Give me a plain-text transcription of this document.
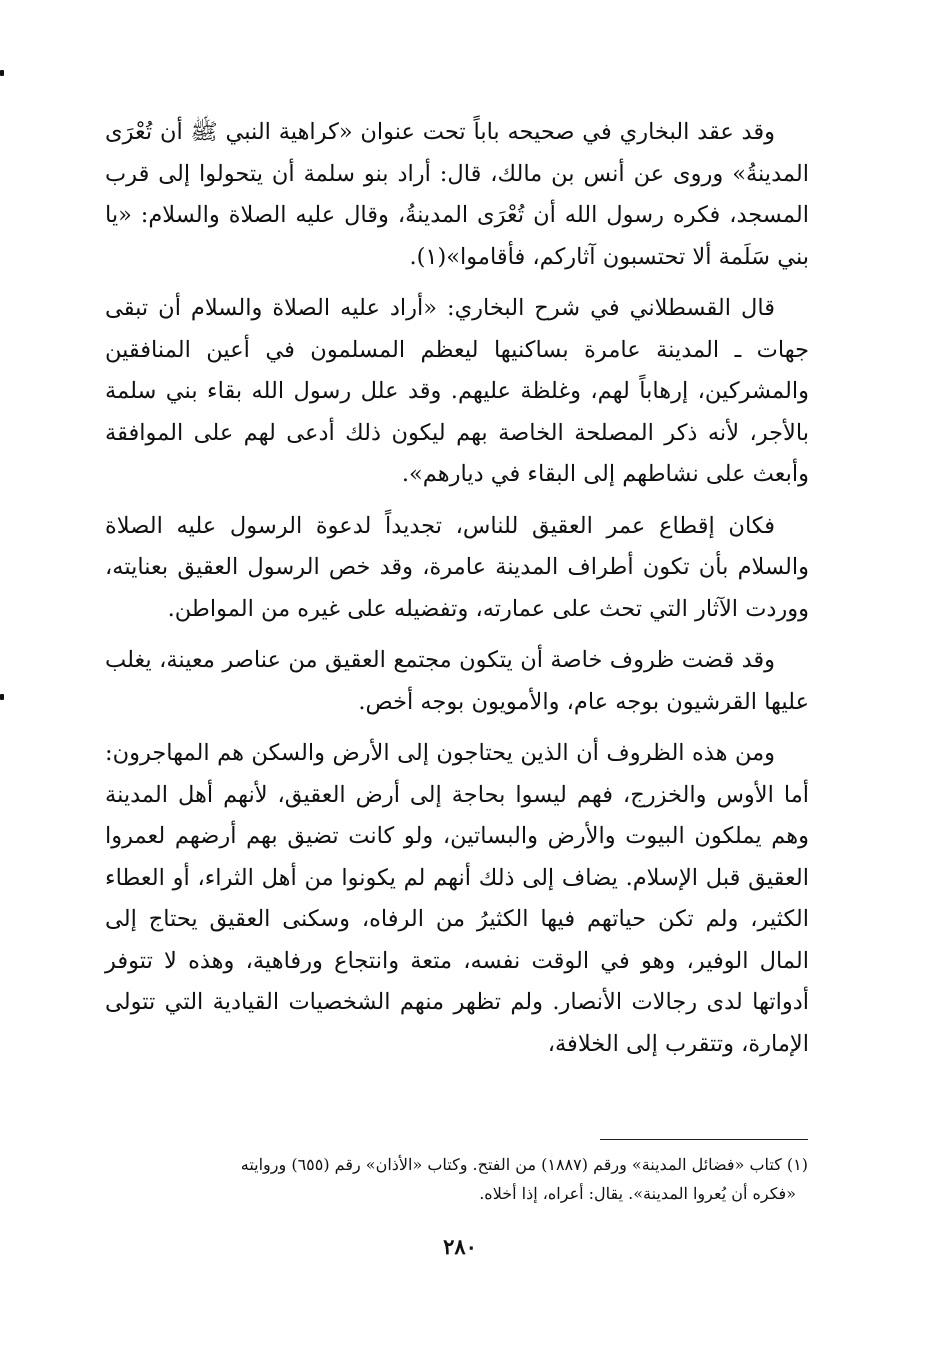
وقد عقد البخاري في صحيحه باباً تحت عنوان «كراهية النبي ﷺ أن تُعْرَى المدينةُ» وروى عن أنس بن مالك، قال: أراد بنو سلمة أن يتحولوا إلى قرب المسجد، فكره رسول الله أن تُعْرَى المدينةُ، وقال عليه الصلاة والسلام: «يا بني سَلَمة ألا تحتسبون آثاركم، فأقاموا»(١).

قال القسطلاني في شرح البخاري: «أراد عليه الصلاة والسلام أن تبقى جهات ـ المدينة عامرة بساكنيها ليعظم المسلمون في أعين المنافقين والمشركين، إرهاباً لهم، وغلظة عليهم. وقد علل رسول الله بقاء بني سلمة بالأجر، لأنه ذكر المصلحة الخاصة بهم ليكون ذلك أدعى لهم على الموافقة وأبعث على نشاطهم إلى البقاء في ديارهم».

فكان إقطاع عمر العقيق للناس، تجديداً لدعوة الرسول عليه الصلاة والسلام بأن تكون أطراف المدينة عامرة، وقد خص الرسول العقيق بعنايته، ووردت الآثار التي تحث على عمارته، وتفضيله على غيره من المواطن.

وقد قضت ظروف خاصة أن يتكون مجتمع العقيق من عناصر معينة، يغلب عليها القرشيون بوجه عام، والأمويون بوجه أخص.

ومن هذه الظروف أن الذين يحتاجون إلى الأرض والسكن هم المهاجرون: أما الأوس والخزرج، فهم ليسوا بحاجة إلى أرض العقيق، لأنهم أهل المدينة وهم يملكون البيوت والأرض والبساتين، ولو كانت تضيق بهم أرضهم لعمروا العقيق قبل الإسلام. يضاف إلى ذلك أنهم لم يكونوا من أهل الثراء، أو العطاء الكثير، ولم تكن حياتهم فيها الكثيرُ من الرفاه، وسكنى العقيق يحتاج إلى المال الوفير، وهو في الوقت نفسه، متعة وانتجاع ورفاهية، وهذه لا تتوفر أدواتها لدى رجالات الأنصار. ولم تظهر منهم الشخصيات القيادية التي تتولى الإمارة، وتتقرب إلى الخلافة،

(١) كتاب «فضائل المدينة» ورقم (١٨٨٧) من الفتح. وكتاب «الأذان» رقم (٦٥٥) وروايته
«فكره أن يُعروا المدينة». يقال: أعراه، إذا أخلاه.
٢٨٠
